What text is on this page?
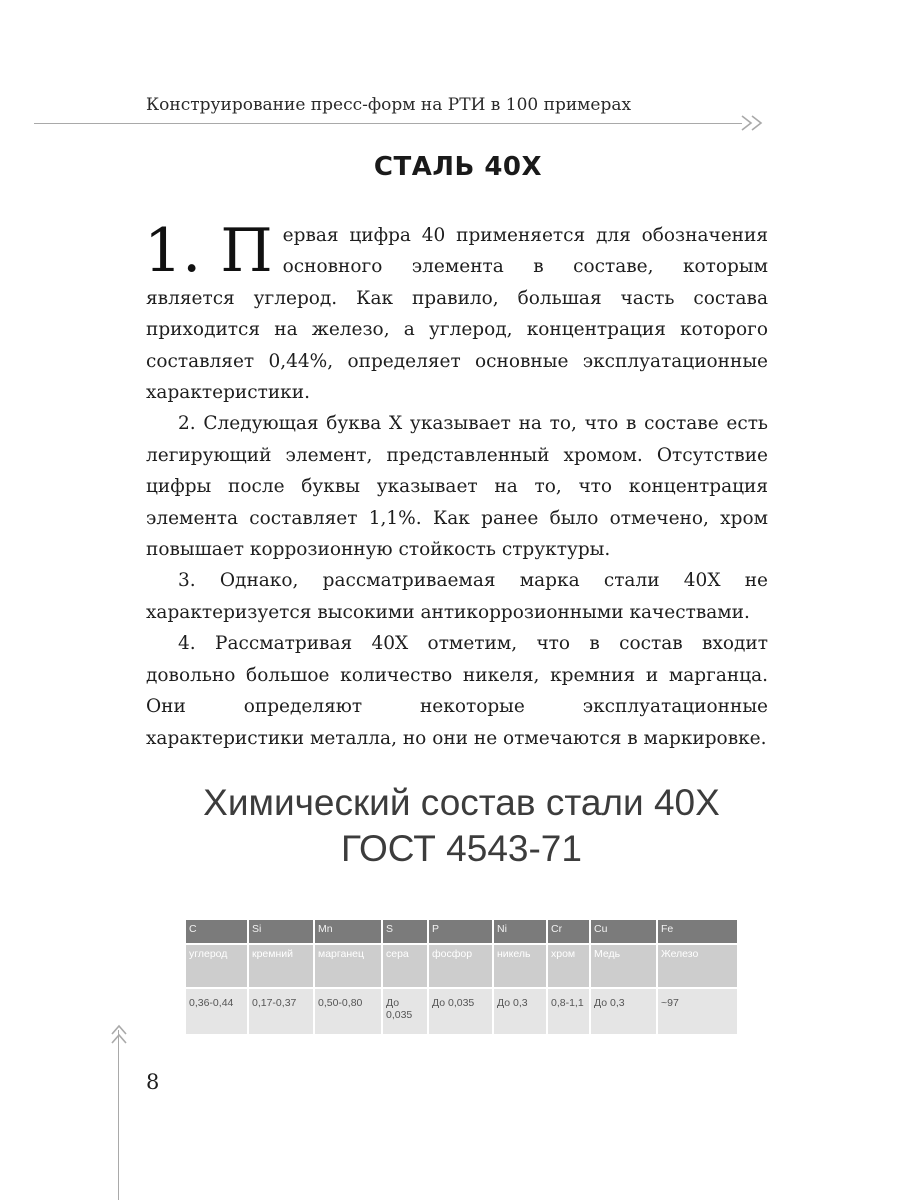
Конструирование пресс-форм на РТИ в 100 примерах
СТАЛЬ 40Х

1. П ервая цифра 40 применяется для обозначения основного элемента в составе, которым является углерод. Как правило, большая часть состава приходится на железо, а углерод, концентрация которого составляет 0,44%, определяет основные эксплуатационные характеристики.

2. Следующая буква Х указывает на то, что в составе есть легирующий элемент, представленный хромом. Отсутствие цифры после буквы указывает на то, что концентрация элемента составляет 1,1%. Как ранее было отмечено, хром повышает коррозионную стойкость структуры.

3. Однако, рассматриваемая марка стали 40Х не характеризуется высокими антикоррозионными качествами.

4. Рассматривая 40Х отметим, что в состав входит довольно большое количество никеля, кремния и марганца. Они определяют некоторые эксплуатационные характеристики металла, но они не отмечаются в маркировке.

Химический состав стали 40Х
ГОСТ 4543-71
C	Si	Mn	S	P	Ni	Cr	Cu	Fe
углерод	кремний	марганец	сера	фосфор	никель	хром	Медь	Железо
0,36-0,44	0,17-0,37	0,50-0,80	До 0,035	До 0,035	До 0,3	0,8-1,1	До 0,3	~97
8
